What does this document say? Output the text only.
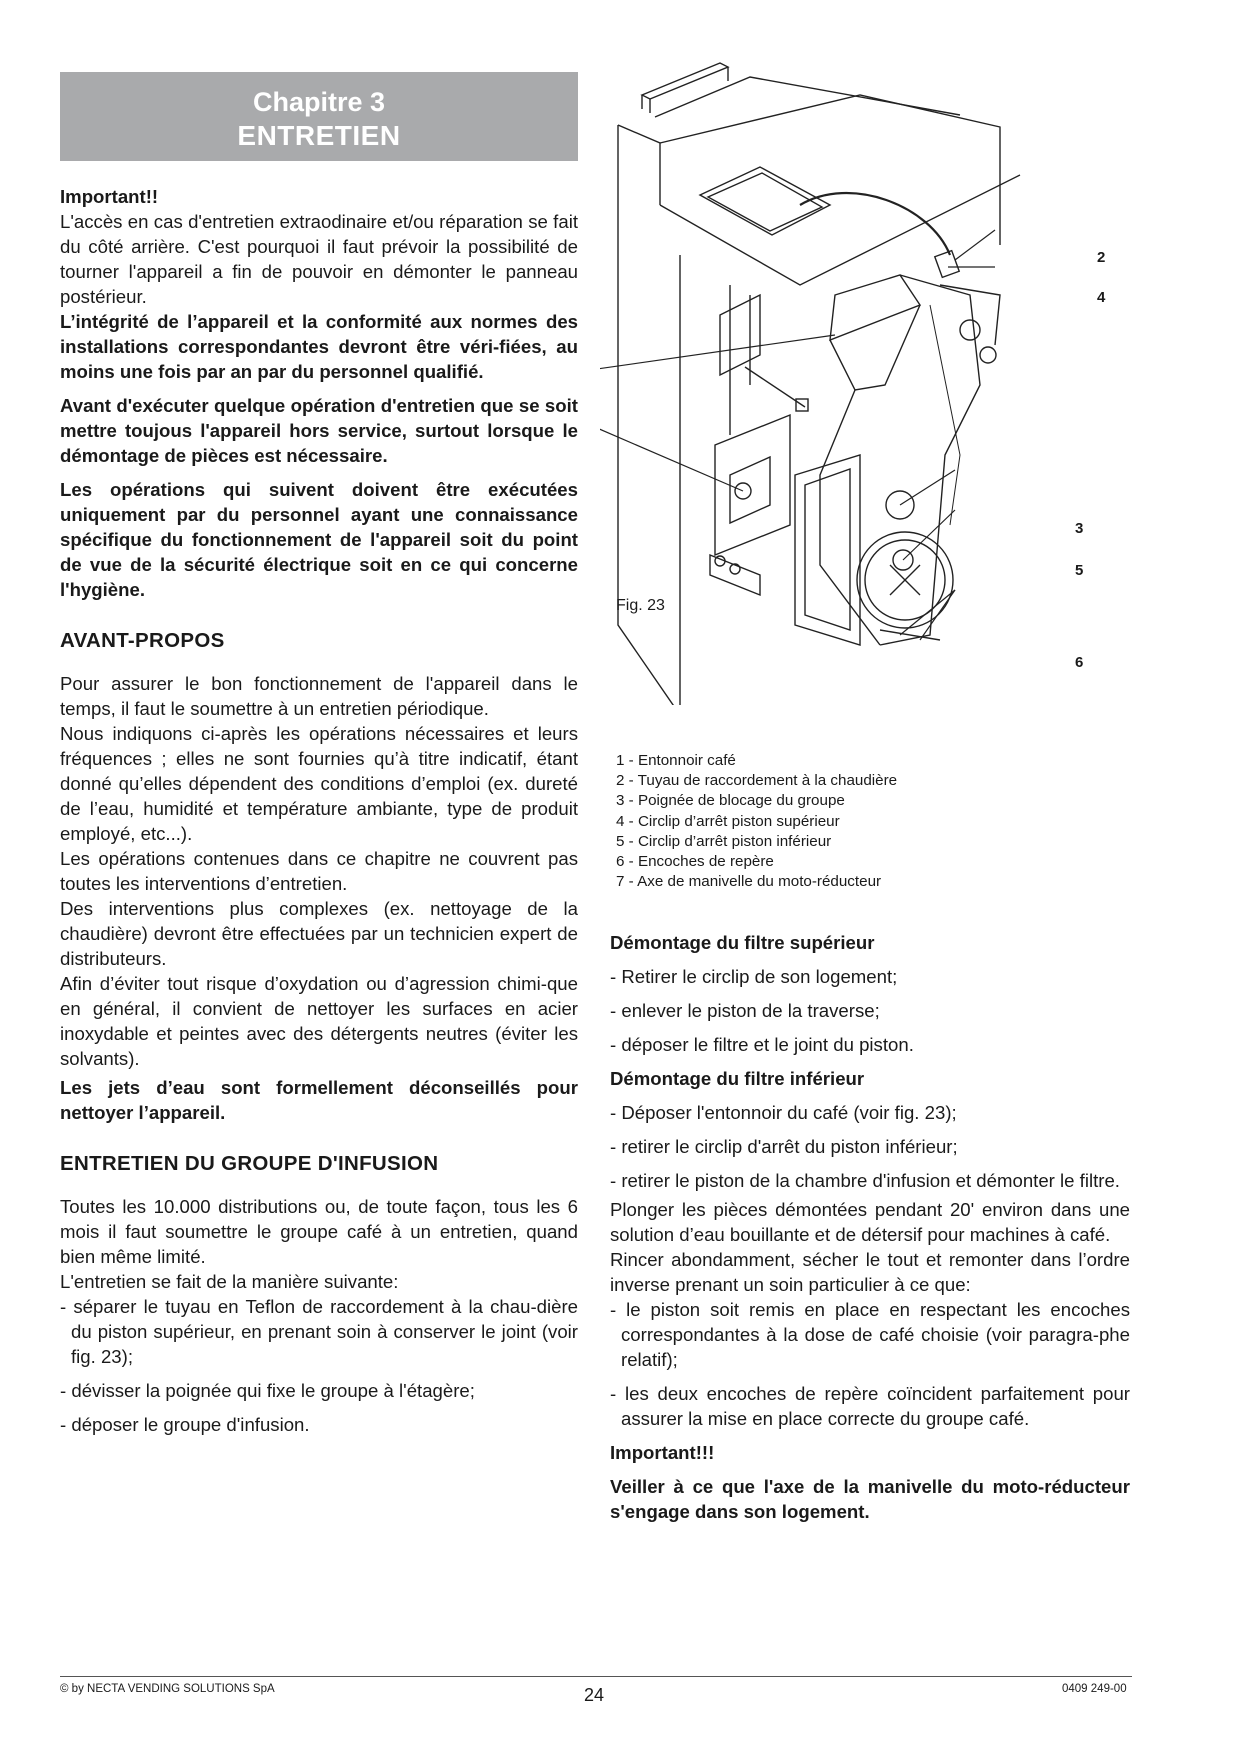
Chapitre 3
ENTRETIEN

Important!!

L'accès en cas d'entretien extraodinaire et/ou réparation se fait du côté arrière. C'est pourquoi il faut prévoir la possibilité de tourner l'appareil a fin de pouvoir en démonter le panneau postérieur.

L’intégrité de l’appareil et la conformité aux normes des installations correspondantes devront être véri-fiées, au moins une fois par an par du personnel qualifié.

Avant d'exécuter quelque opération d'entretien que se soit mettre toujous l'appareil hors service, surtout lorsque le démontage de pièces est nécessaire.

Les opérations qui suivent doivent être exécutées uniquement par du personnel ayant une connaissance spécifique du fonctionnement de l'appareil soit du point de vue de la sécurité électrique soit en ce qui concerne l'hygiène.

AVANT-PROPOS

Pour assurer le bon fonctionnement de l'appareil dans le temps, il faut le soumettre à un entretien périodique.

Nous indiquons ci-après les opérations nécessaires et leurs fréquences ; elles ne sont fournies qu’à titre indicatif, étant donné qu’elles dépendent des conditions d’emploi (ex. dureté de l’eau, humidité et température ambiante, type de produit employé, etc...).

Les opérations contenues dans ce chapitre ne couvrent pas toutes les interventions d’entretien.

Des interventions plus complexes (ex. nettoyage de la chaudière) devront être effectuées par un technicien expert de distributeurs.

Afin d’éviter tout risque d’oxydation ou d’agression chimi-que en général, il convient de nettoyer les surfaces en acier inoxydable et peintes avec des détergents neutres (éviter les solvants).

Les jets d’eau sont formellement déconseillés pour nettoyer l’appareil.

ENTRETIEN DU GROUPE D'INFUSION

Toutes les 10.000 distributions ou, de toute façon, tous les 6 mois il faut soumettre le groupe café à un entretien, quand bien même limité.

L'entretien se fait de la manière suivante:

- séparer le tuyau en Teflon de raccordement à la chau-dière du piston supérieur, en prenant soin à conserver le joint (voir fig. 23);

- dévisser la poignée qui fixe le groupe à l'étagère;

- déposer le groupe d'infusion.

2
3
4
5
6
Fig. 23
1 - Entonnoir café
2 - Tuyau de raccordement à la chaudière
3 - Poignée de blocage du groupe
4 - Circlip d’arrêt piston supérieur
5 - Circlip d’arrêt piston inférieur
6 - Encoches de repère
7 - Axe de manivelle du moto-réducteur

Démontage du filtre supérieur

- Retirer le circlip de son logement;

- enlever le piston de la traverse;

- déposer le filtre et le joint du piston.

Démontage du filtre inférieur

- Déposer l'entonnoir du café (voir fig. 23);

- retirer le circlip d'arrêt du piston inférieur;

- retirer le piston de la chambre d'infusion et démonter le filtre.

Plonger les pièces démontées pendant 20' environ dans une solution d’eau bouillante et de détersif pour machines à café.

Rincer abondamment, sécher le tout et remonter dans l’ordre inverse prenant un soin particulier à ce que:

- le piston soit remis en place en respectant les encoches correspondantes à la dose de café choisie (voir paragra-phe relatif);

- les deux encoches de repère coïncident parfaitement pour assurer la mise en place correcte du groupe café.

Important!!!

Veiller à ce que l'axe de la manivelle du moto-réducteur s'engage dans son logement.

© by NECTA VENDING SOLUTIONS SpA	24	0409 249-00
